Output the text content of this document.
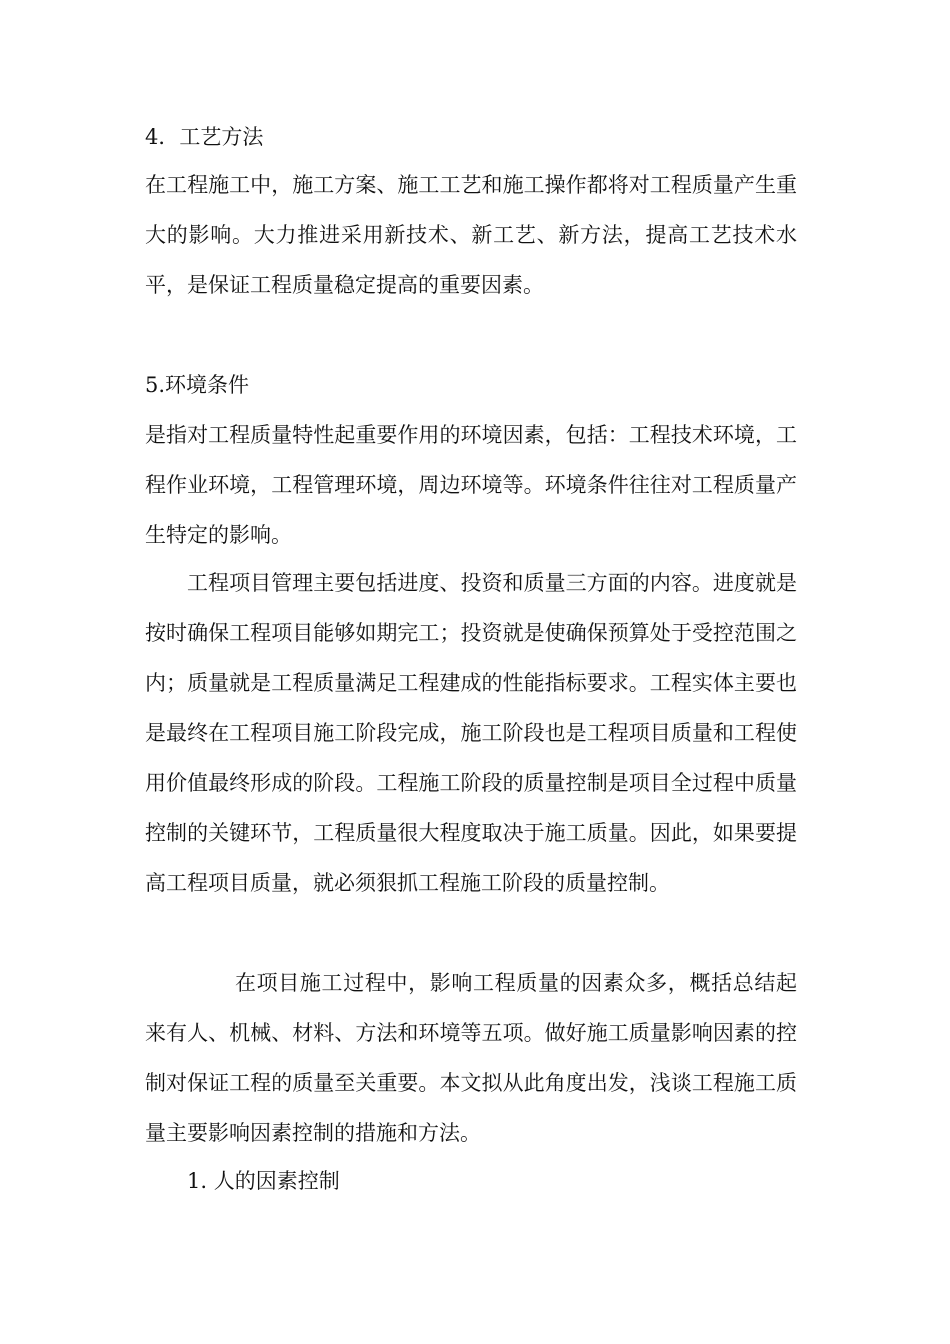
4．工艺方法
在工程施工中，施工方案、施工工艺和施工操作都将对工程质量产生重大的影响。大力推进采用新技术、新工艺、新方法，提高工艺技术水平，是保证工程质量稳定提高的重要因素。
5.环境条件
是指对工程质量特性起重要作用的环境因素，包括：工程技术环境，工程作业环境，工程管理环境，周边环境等。环境条件往往对工程质量产生特定的影响。
工程项目管理主要包括进度、投资和质量三方面的内容。进度就是按时确保工程项目能够如期完工；投资就是使确保预算处于受控范围之内；质量就是工程质量满足工程建成的性能指标要求。工程实体主要也是最终在工程项目施工阶段完成，施工阶段也是工程项目质量和工程使用价值最终形成的阶段。工程施工阶段的质量控制是项目全过程中质量控制的关键环节，工程质量很大程度取决于施工质量。因此，如果要提高工程项目质量，就必须狠抓工程施工阶段的质量控制。
在项目施工过程中，影响工程质量的因素众多，概括总结起来有人、机械、材料、方法和环境等五项。做好施工质量影响因素的控制对保证工程的质量至关重要。本文拟从此角度出发，浅谈工程施工质量主要影响因素控制的措施和方法。
1. 人的因素控制
